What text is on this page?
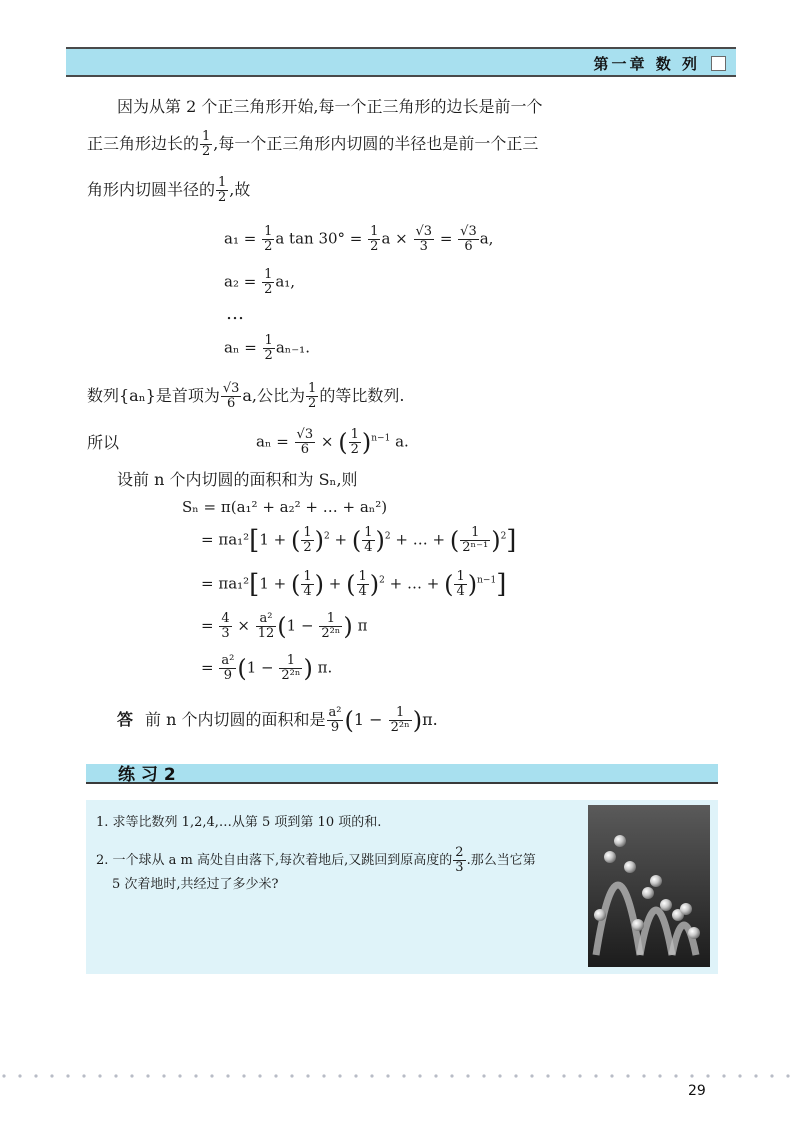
第一章 数 列
因为从第 2 个正三角形开始,每一个正三角形的边长是前一个
正三角形边长的 $\frac{1}{2}$ ,每一个正三角形内切圆的半径也是前一个正三
角形内切圆半径的 $\frac{1}{2}$ ,故
$a_1 = \frac{1}{2}$ a $\tan 30^\circ = \frac{1}{2}$ $a \times \frac{√3}{3} = \frac{√3}{6} a$,
$a_2 = \frac{1}{2} a_1$,
…
$a_n = \frac{1}{2} a_{n-1}$.
数列{aₙ}是首项为 $\frac{√3}{6} a$,公比为 $\frac{1}{2}$ 的等比数列.
所以	$a_n = \frac{√3}{6}$ × ( $\frac{1}{2} )^{n-1}$ a.
设前 n 个内切圆的面积和为 Sₙ,则
Sₙ = π(a₁² + a₂² + … + aₙ²)
= πa₁²[1 + ( $\frac{1}{2} )^2$ + ( $\frac{1}{4} )^2$ + … + ( $\frac{1}{\text{2ⁿ⁻¹}} )^2$]
= πa₁²[1 + ( $\frac{1}{4}$ ) + ( $\frac{1}{4} )^2$ + … + ( $\frac{1}{4} )^{n-1}$]
= $\frac{4}{3} \times \frac{\text{a²}}{12} (1 - \frac{1}{\text{2²ⁿ}}$ ) π
= $\frac{\text{a²}}{9} (1 - \frac{1}{\text{2²ⁿ}}$ ) π.
答 前 n 个内切圆的面积和是 $\frac{\text{a²}}{9} (1 - \frac{1}{\text{2²ⁿ}} )\pi$.
练 习 2
1. 求等比数列 1,2,4,…从第 5 项到第 10 项的和.
2. 一个球从 a m 高处自由落下,每次着地后,又跳回到原高度的 $\frac{2}{3}$ .那么当它第
5 次着地时,共经过了多少米?
29
